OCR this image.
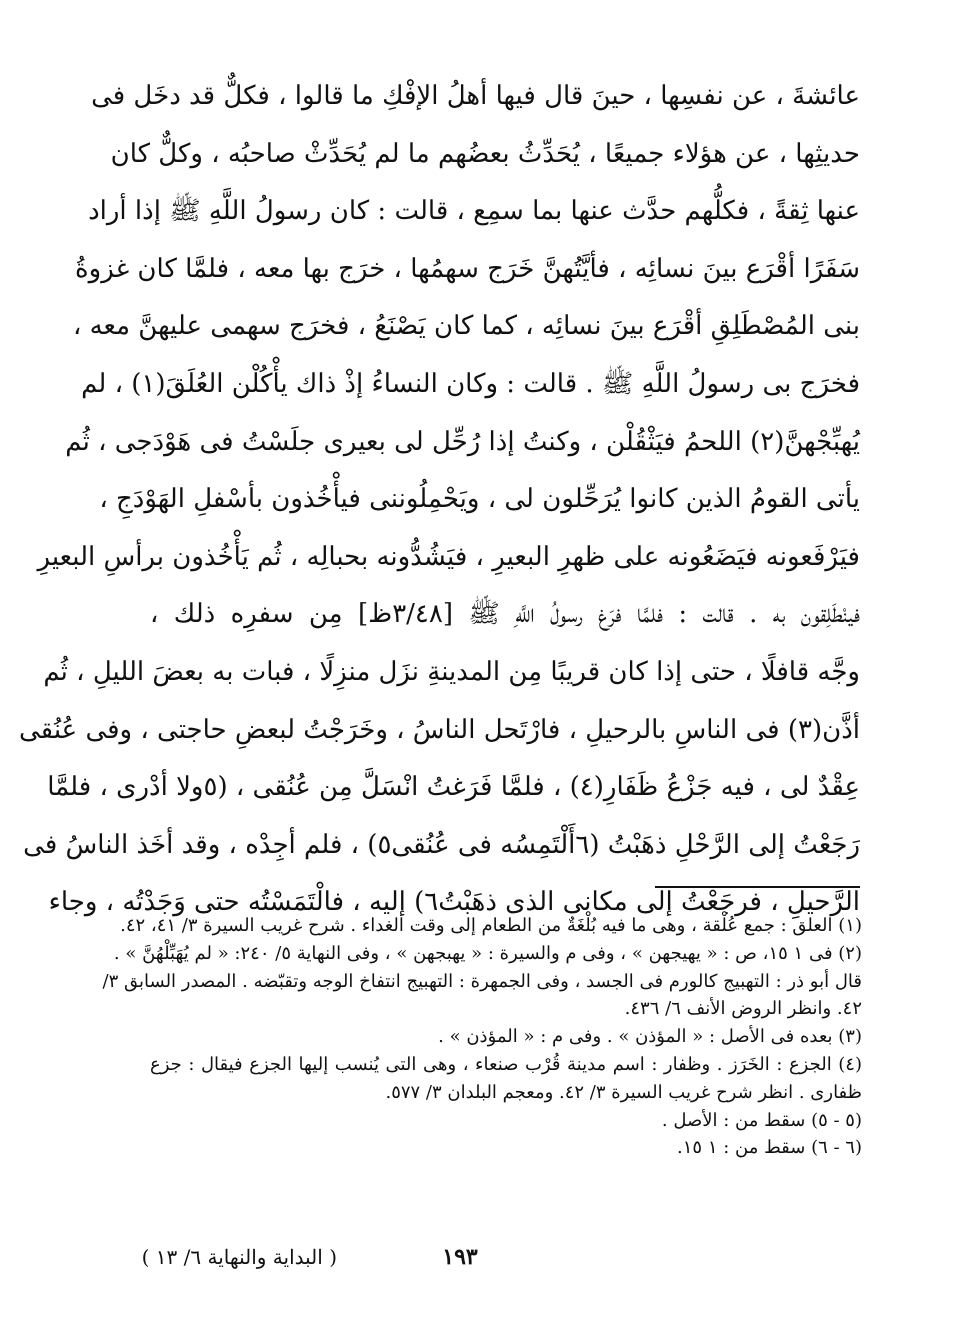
عائشةَ ، عن نفسِها ، حينَ قال فيها أهلُ الإفْكِ ما قالوا ، فكلٌّ قد دخَل فى
حديثِها ، عن هؤلاء جميعًا ، يُحَدِّثُ بعضُهم ما لم يُحَدِّثْ صاحبُه ، وكلٌّ كان
عنها ثِقةً ، فكلُّهم حدَّث عنها بما سمِع ، قالت : كان رسولُ اللَّهِ ﷺ إذا أراد
سَفَرًا أقْرَع بينَ نسائِه ، فأيَّتُهنَّ خَرَج سهمُها ، خرَج بها معه ، فلمَّا كان غزوةُ
بنى المُصْطَلِقِ أقْرَع بينَ نسائِه ، كما كان يَصْنَعُ ، فخرَج سهمى عليهنَّ معه ،
فخرَج بى رسولُ اللَّهِ ﷺ . قالت : وكان النساءُ إذْ ذاك يأْكُلْن العُلَقَ(١) ، لم
يُهبِّجْهنَّ(٢) اللحمُ فيَثْقُلْن ، وكنتُ إذا رُحِّل لى بعيرى جلَسْتُ فى هَوْدَجى ، ثُم
يأتى القومُ الذين كانوا يُرَحِّلون لى ، ويَحْمِلُوننى فيأْخُذون بأسْفلِ الهَوْدَجِ ،
فيَرْفَعونه فيَضَعُونه على ظهرِ البعيرِ ، فيَشُدُّونه بحبالِه ، ثُم يَأْخُذون برأسِ البعيرِ
فينْطَلِقون به . قالت : فلمَّا فرَغ رسولُ اللَّهِ ﷺ [٣/٤٨ظ] مِن سفرِه ذلك ،
وجَّه قافلًا ، حتى إذا كان قريبًا مِن المدينةِ نزَل منزِلًا ، فبات به بعضَ الليلِ ، ثُم
أذَّن(٣) فى الناسِ بالرحيلِ ، فارْتَحل الناسُ ، وخَرَجْتُ لبعضِ حاجتى ، وفى عُنُقى
عِقْدٌ لى ، فيه جَزْعُ ظَفَارِ(٤) ، فلمَّا فَرَغتُ انْسَلَّ مِن عُنُقى ، (٥ولا أدْرى ، فلمَّا
رَجَعْتُ إلى الرَّحْلِ ذهَبْتُ (٦أَلْتَمِسُه فى عُنُقى٥) ، فلم أجِدْه ، وقد أخَذ الناسُ فى
الرَّحيلِ ، فرجَعْتُ إلى مكانى الذى ذهَبْتُ٦) إليه ، فالْتَمَسْتُه حتى وَجَدْتُه ، وجاء
(١) العلق : جمع عُلْقة ، وهى ما فيه بُلْغَةٌ من الطعام إلى وقت الغداء . شرح غريب السيرة ٣/ ٤١، ٤٢.
(٢) فى ١ ١٥، ص : « يهيجهن » ، وفى م والسيرة : « يهبجهن » ، وفى النهاية ٥/ ٢٤٠: « لم يُهَبِّلْهُنَّ » .
قال أبو ذر : التهبيج كالورم فى الجسد ، وفى الجمهرة : التهبيج انتفاخ الوجه وتقبّضه . المصدر السابق ٣/
٤٢. وانظر الروض الأنف ٦/ ٤٣٦.
(٣) بعده فى الأصل : « المؤذن » . وفى م : « المؤذن » .
(٤) الجزع : الخَرَز . وظفار : اسم مدينة قُرْب صنعاء ، وهى التى يُنسب إليها الجزع فيقال : جزع
ظفارى . انظر شرح غريب السيرة ٣/ ٤٢. ومعجم البلدان ٣/ ٥٧٧.
(٥ - ٥) سقط من : الأصل .
(٦ - ٦) سقط من : ١ ١٥.
١٩٣
( البداية والنهاية ٦/ ١٣ )
